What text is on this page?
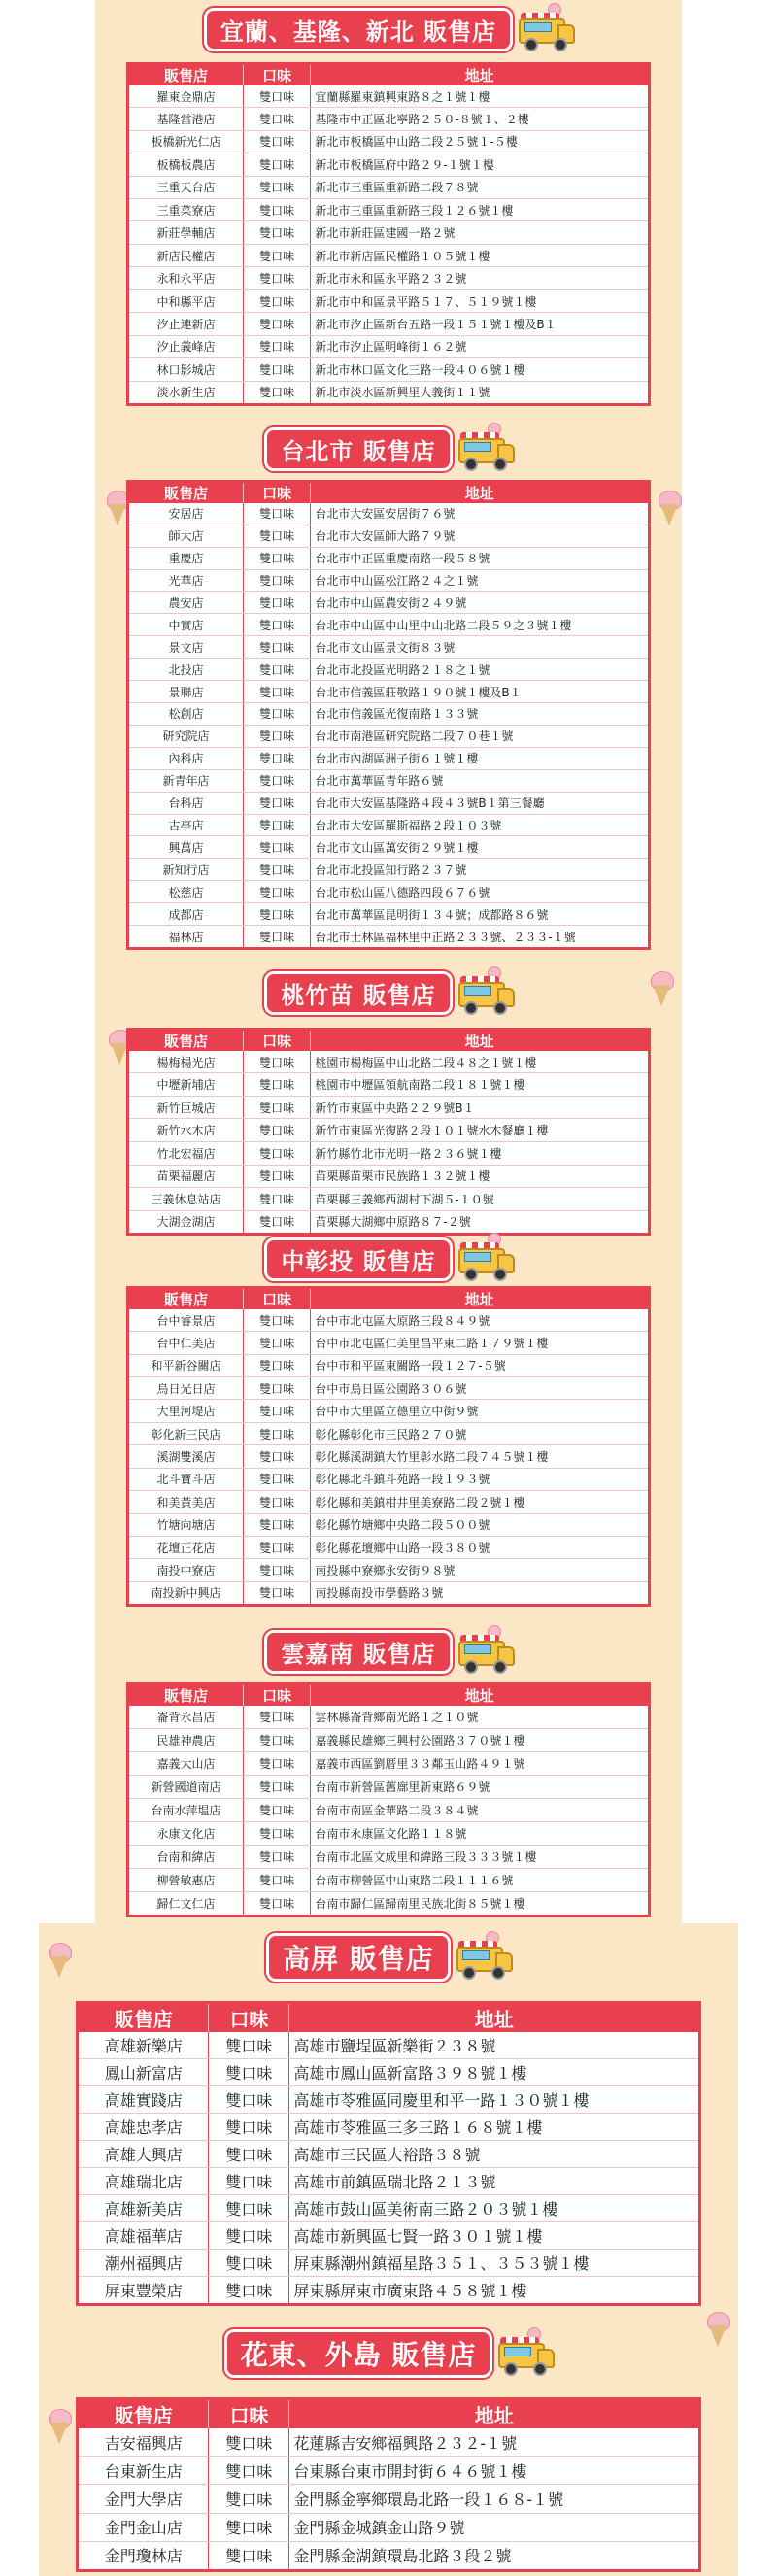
宜蘭、基隆、新北 販售店
販售店	口味	地址
羅東金鼎店	雙口味	宜蘭縣羅東鎮興東路８之１號１樓
基隆當港店	雙口味	基隆市中正區北寧路２５０-８號１、２樓
板橋新光仁店	雙口味	新北市板橋區中山路二段２５號１-５樓
板橋板農店	雙口味	新北市板橋區府中路２９-１號１樓
三重天台店	雙口味	新北市三重區重新路二段７８號
三重菜寮店	雙口味	新北市三重區重新路三段１２６號１樓
新莊學輔店	雙口味	新北市新莊區建國一路２號
新店民權店	雙口味	新北市新店區民權路１０５號１樓
永和永平店	雙口味	新北市永和區永平路２３２號
中和縣平店	雙口味	新北市中和區景平路５１７、５１９號１樓
汐止連新店	雙口味	新北市汐止區新台五路一段１５１號１樓及B１
汐止義峰店	雙口味	新北市汐止區明峰街１６２號
林口影城店	雙口味	新北市林口區文化三路一段４０６號１樓
淡水新生店	雙口味	新北市淡水區新興里大義街１１號
台北市 販售店
販售店	口味	地址
安居店	雙口味	台北市大安區安居街７６號
師大店	雙口味	台北市大安區師大路７９號
重慶店	雙口味	台北市中正區重慶南路一段５８號
光華店	雙口味	台北市中山區松江路２４之１號
農安店	雙口味	台北市中山區農安街２４９號
中實店	雙口味	台北市中山區中山里中山北路二段５９之３號１樓
景文店	雙口味	台北市文山區景文街８３號
北投店	雙口味	台北市北投區光明路２１８之１號
景聯店	雙口味	台北市信義區莊敬路１９０號１樓及B１
松創店	雙口味	台北市信義區光復南路１３３號
研究院店	雙口味	台北市南港區研究院路二段７０巷１號
內科店	雙口味	台北市內湖區洲子街６１號１樓
新青年店	雙口味	台北市萬華區青年路６號
台科店	雙口味	台北市大安區基隆路４段４３號B１第三餐廳
古亭店	雙口味	台北市大安區羅斯福路２段１０３號
興萬店	雙口味	台北市文山區萬安街２９號１樓
新知行店	雙口味	台北市北投區知行路２３７號
松慈店	雙口味	台北市松山區八德路四段６７６號
成都店	雙口味	台北市萬華區昆明街１３４號；成都路８６號
福林店	雙口味	台北市士林區福林里中正路２３３號、２３３-１號
桃竹苗 販售店
販售店	口味	地址
楊梅楊光店	雙口味	桃園市楊梅區中山北路二段４８之１號１樓
中壢新埔店	雙口味	桃園市中壢區領航南路二段１８１號１樓
新竹巨城店	雙口味	新竹市東區中央路２２９號B１
新竹水木店	雙口味	新竹市東區光復路２段１０１號水木餐廳１樓
竹北宏福店	雙口味	新竹縣竹北市光明一路２３６號１樓
苗栗福麗店	雙口味	苗栗縣苗栗市民族路１３２號１樓
三義休息站店	雙口味	苗栗縣三義鄉西湖村下湖５-１０號
大湖金湖店	雙口味	苗栗縣大湖鄉中原路８７-２號
中彰投 販售店
販售店	口味	地址
台中睿景店	雙口味	台中市北屯區大原路三段８４９號
台中仁美店	雙口味	台中市北屯區仁美里昌平東二路１７９號１樓
和平新谷關店	雙口味	台中市和平區東關路一段１２７-５號
烏日光日店	雙口味	台中市烏日區公園路３０６號
大里河堤店	雙口味	台中市大里區立德里立中街９號
彰化新三民店	雙口味	彰化縣彰化市三民路２７０號
溪湖雙溪店	雙口味	彰化縣溪湖鎮大竹里彰水路二段７４５號１樓
北斗寶斗店	雙口味	彰化縣北斗鎮斗苑路一段１９３號
和美黃美店	雙口味	彰化縣和美鎮柑井里美寮路二段２號１樓
竹塘向塘店	雙口味	彰化縣竹塘鄉中央路二段５００號
花壇正花店	雙口味	彰化縣花壇鄉中山路一段３８０號
南投中寮店	雙口味	南投縣中寮鄉永安街９８號
南投新中興店	雙口味	南投縣南投市學藝路３號
雲嘉南 販售店
販售店	口味	地址
崙背永昌店	雙口味	雲林縣崙背鄉南光路１之１０號
民雄神農店	雙口味	嘉義縣民雄鄉三興村公園路３７０號１樓
嘉義大山店	雙口味	嘉義市西區劉厝里３３鄰玉山路４９１號
新營國道南店	雙口味	台南市新營區舊廍里新東路６９號
台南水萍塭店	雙口味	台南市南區金華路二段３８４號
永康文化店	雙口味	台南市永康區文化路１１８號
台南和緯店	雙口味	台南市北區文成里和緯路三段３３３號１樓
柳營敏惠店	雙口味	台南市柳營區中山東路二段１１１６號
歸仁文仁店	雙口味	台南市歸仁區歸南里民族北街８５號１樓
高屏 販售店
販售店	口味	地址
高雄新樂店	雙口味	高雄市鹽埕區新樂街２３８號
鳳山新富店	雙口味	高雄市鳳山區新富路３９８號１樓
高雄實踐店	雙口味	高雄市苓雅區同慶里和平一路１３０號１樓
高雄忠孝店	雙口味	高雄市苓雅區三多三路１６８號１樓
高雄大興店	雙口味	高雄市三民區大裕路３８號
高雄瑞北店	雙口味	高雄市前鎮區瑞北路２１３號
高雄新美店	雙口味	高雄市鼓山區美術南三路２０３號１樓
高雄福華店	雙口味	高雄市新興區七賢一路３０１號１樓
潮州福興店	雙口味	屏東縣潮州鎮福星路３５１、３５３號１樓
屏東豐榮店	雙口味	屏東縣屏東市廣東路４５８號１樓
花東、外島 販售店
販售店	口味	地址
吉安福興店	雙口味	花蓮縣吉安鄉福興路２３２-１號
台東新生店	雙口味	台東縣台東市開封街６４６號１樓
金門大學店	雙口味	金門縣金寧鄉環島北路一段１６８-１號
金門金山店	雙口味	金門縣金城鎮金山路９號
金門瓊林店	雙口味	金門縣金湖鎮環島北路３段２號
